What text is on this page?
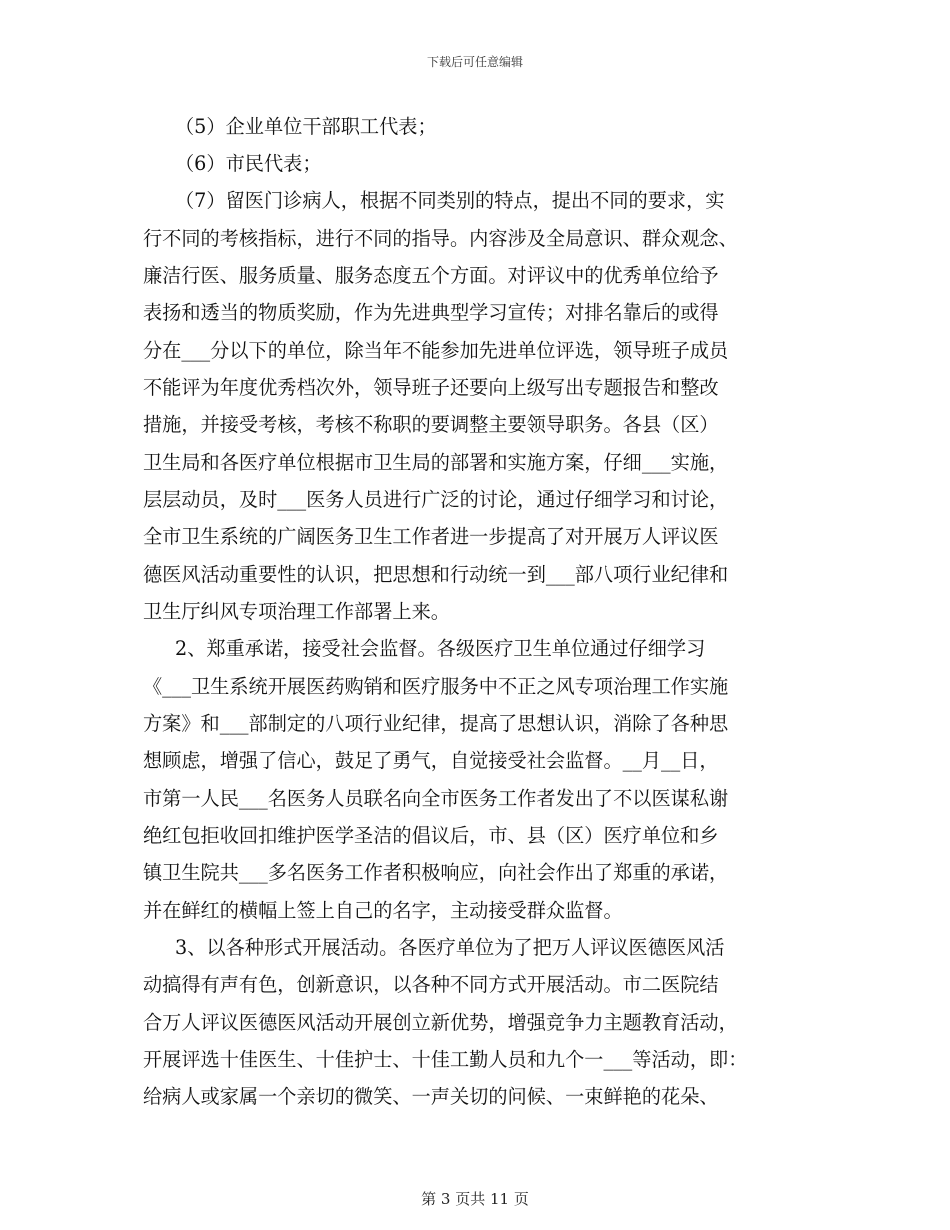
下载后可任意编辑
（5）企业单位干部职工代表；
（6）市民代表；
（7）留医门诊病人，根据不同类别的特点，提出不同的要求，实
行不同的考核指标，进行不同的指导。内容涉及全局意识、群众观念、
廉洁行医、服务质量、服务态度五个方面。对评议中的优秀单位给予
表扬和透当的物质奖励，作为先进典型学习宣传；对排名靠后的或得
分在___分以下的单位，除当年不能参加先进单位评选，领导班子成员
不能评为年度优秀档次外，领导班子还要向上级写出专题报告和整改
措施，并接受考核，考核不称职的要调整主要领导职务。各县（区）
卫生局和各医疗单位根据市卫生局的部署和实施方案，仔细___实施，
层层动员，及时___医务人员进行广泛的讨论，通过仔细学习和讨论，
全市卫生系统的广阔医务卫生工作者进一步提高了对开展万人评议医
德医风活动重要性的认识，把思想和行动统一到___部八项行业纪律和
卫生厅纠风专项治理工作部署上来。
2、郑重承诺，接受社会监督。各级医疗卫生单位通过仔细学习
《___卫生系统开展医药购销和医疗服务中不正之风专项治理工作实施
方案》和___部制定的八项行业纪律，提高了思想认识，消除了各种思
想顾虑，增强了信心，鼓足了勇气，自觉接受社会监督。__月__日，
市第一人民___名医务人员联名向全市医务工作者发出了不以医谋私谢
绝红包拒收回扣维护医学圣洁的倡议后，市、县（区）医疗单位和乡
镇卫生院共___多名医务工作者积极响应，向社会作出了郑重的承诺，
并在鲜红的横幅上签上自己的名字，主动接受群众监督。
3、以各种形式开展活动。各医疗单位为了把万人评议医德医风活
动搞得有声有色，创新意识，以各种不同方式开展活动。市二医院结
合万人评议医德医风活动开展创立新优势，增强竞争力主题教育活动，
开展评选十佳医生、十佳护士、十佳工勤人员和九个一___等活动，即：
给病人或家属一个亲切的微笑、一声关切的问候、一束鲜艳的花朵、
第 3 页共 11 页
